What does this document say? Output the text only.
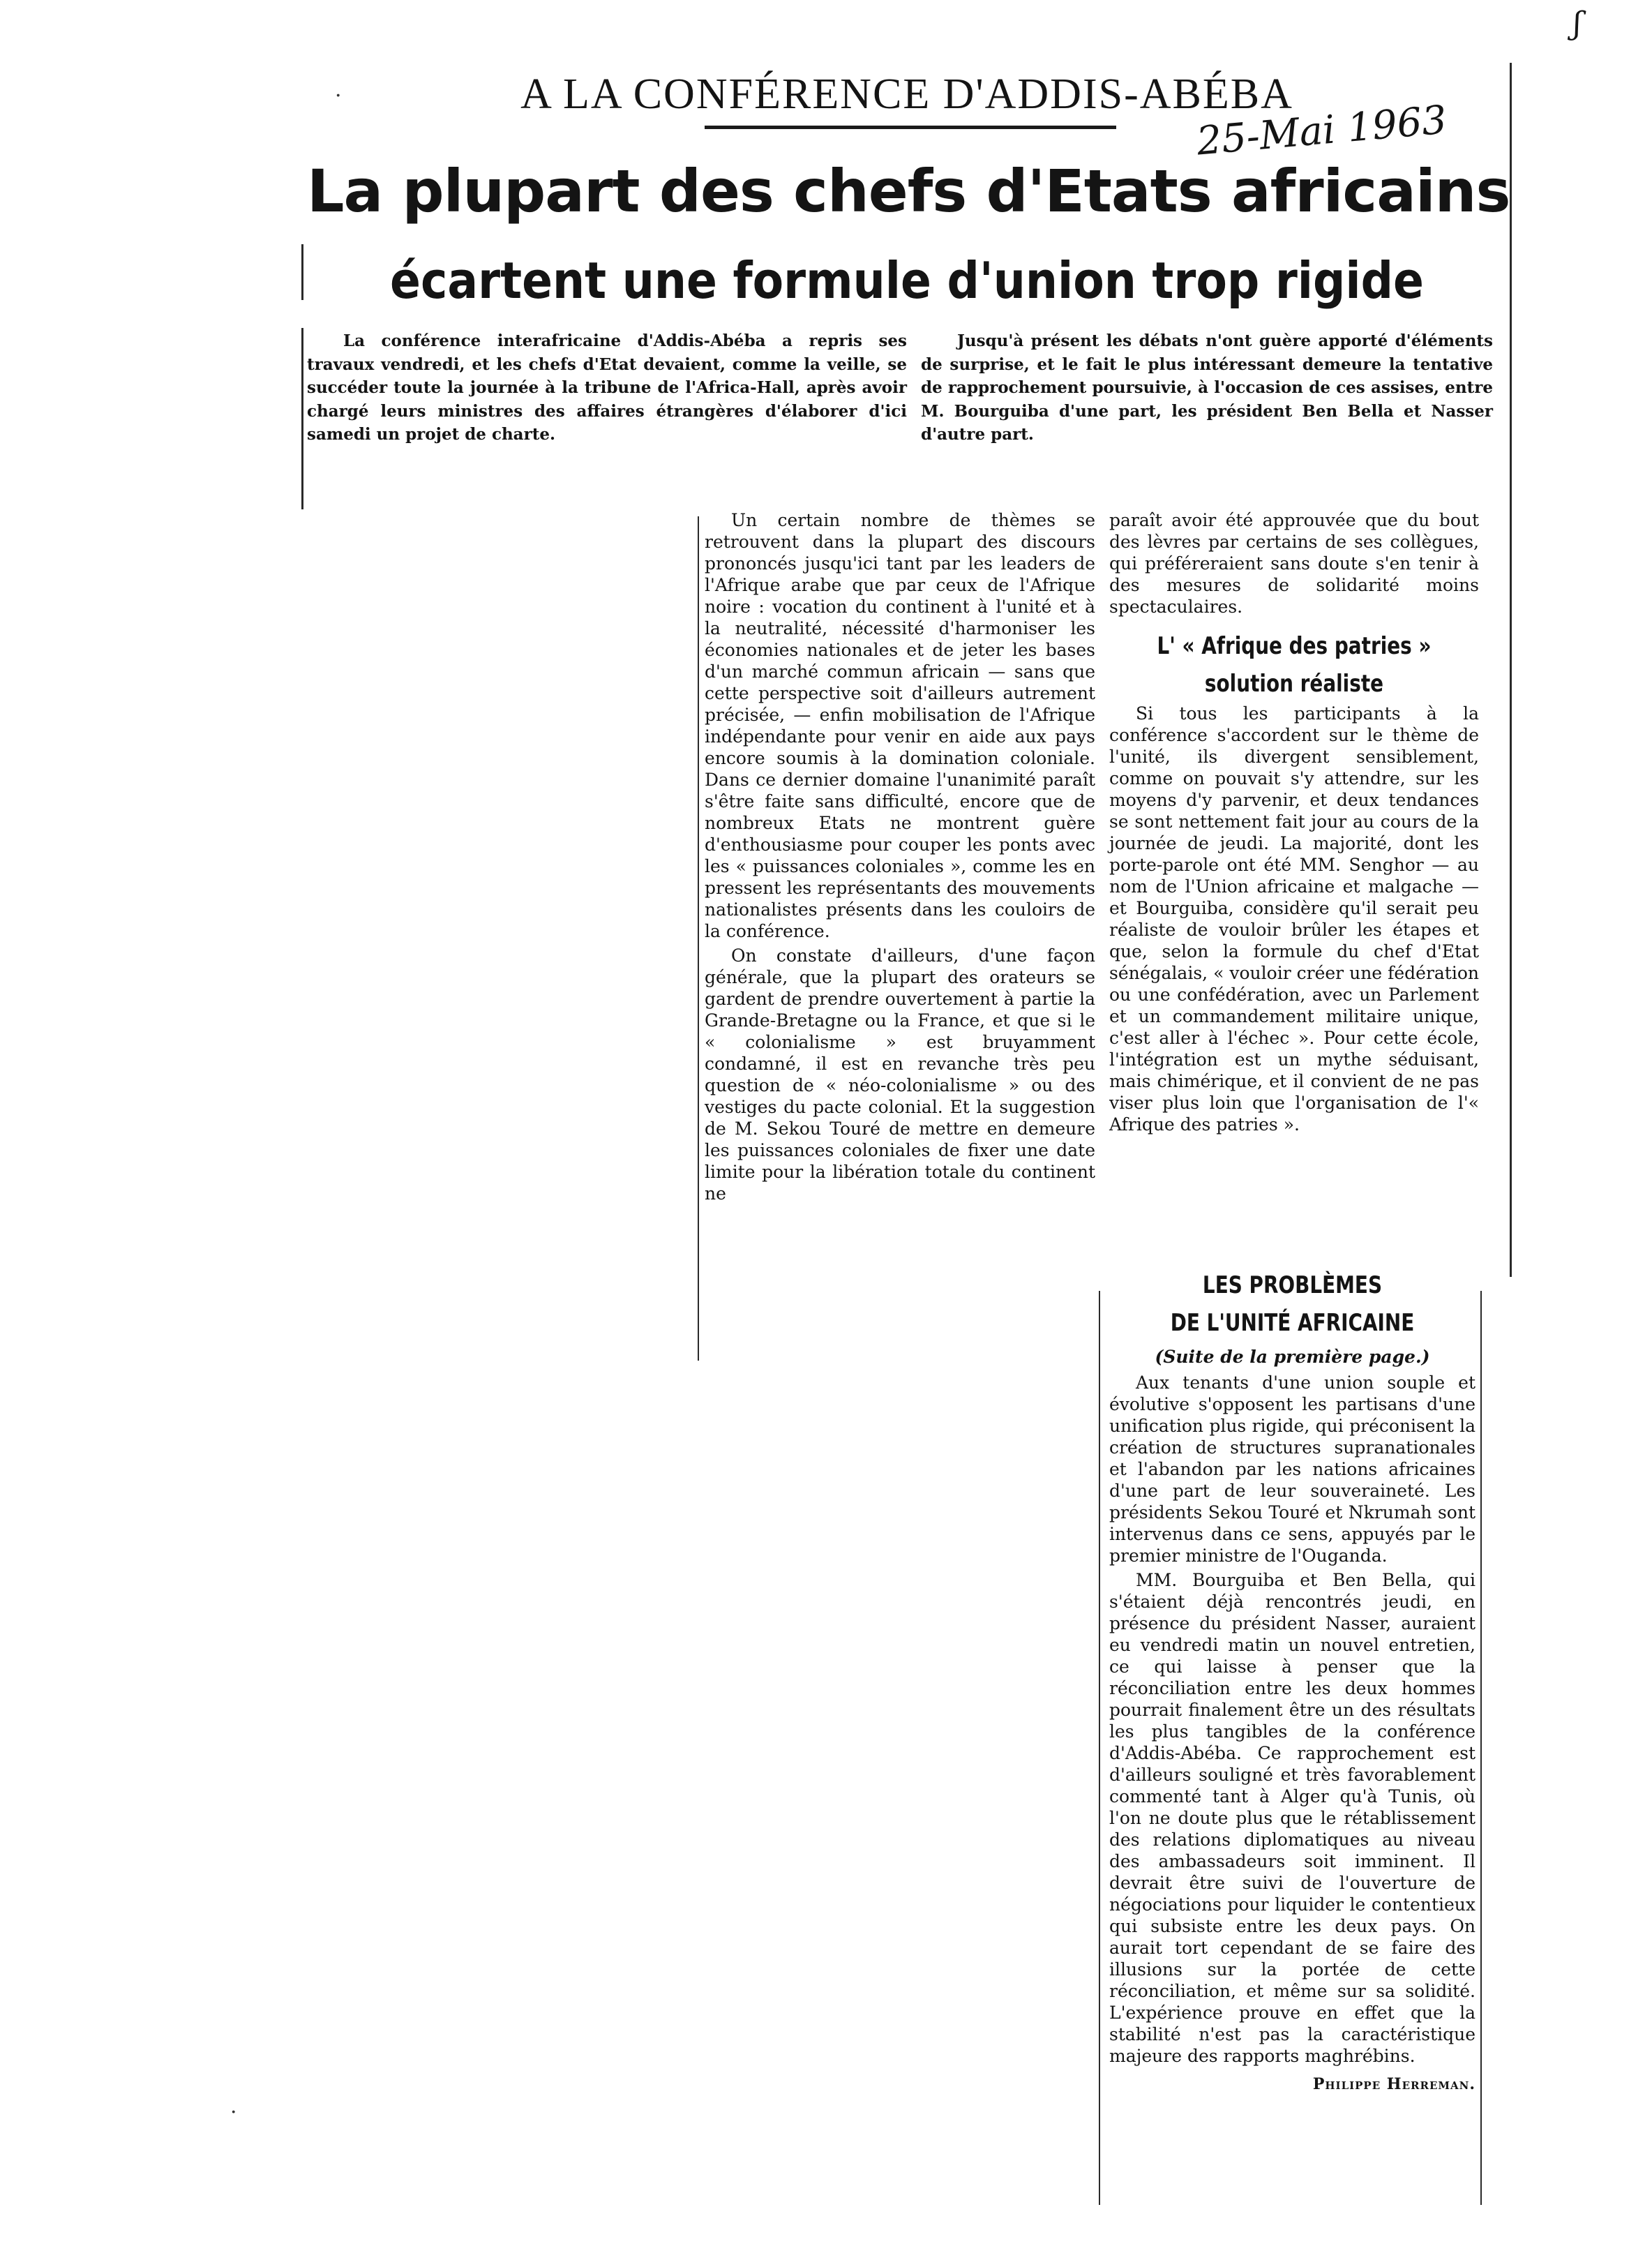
A LA CONFÉRENCE D'ADDIS-ABÉBA
25-Mai 1963
ʃ
La plupart des chefs d'Etats africains
écartent une formule d'union trop rigide
La conférence interafricaine d'Addis-Abéba a repris ses travaux vendredi, et les chefs d'Etat devaient, comme la veille, se succéder toute la journée à la tribune de l'Africa-Hall, après avoir chargé leurs ministres des affaires étrangères d'élaborer d'ici samedi un projet de charte.
Jusqu'à présent les débats n'ont guère apporté d'éléments de surprise, et le fait le plus intéressant demeure la tentative de rapprochement poursuivie, à l'occasion de ces assises, entre M. Bourguiba d'une part, les président Ben Bella et Nasser d'autre part.

Un certain nombre de thèmes se retrouvent dans la plupart des discours prononcés jusqu'ici tant par les leaders de l'Afrique arabe que par ceux de l'Afrique noire : vocation du continent à l'unité et à la neutralité, nécessité d'harmoniser les économies nationales et de jeter les bases d'un marché commun africain — sans que cette perspective soit d'ailleurs autrement précisée, — enfin mobilisation de l'Afrique indépendante pour venir en aide aux pays encore soumis à la domination coloniale. Dans ce dernier domaine l'unanimité paraît s'être faite sans difficulté, encore que de nombreux Etats ne montrent guère d'enthousiasme pour couper les ponts avec les « puissances coloniales », comme les en pressent les représentants des mouvements nationalistes présents dans les couloirs de la conférence.

On constate d'ailleurs, d'une façon générale, que la plupart des orateurs se gardent de prendre ouvertement à partie la Grande-Bretagne ou la France, et que si le « colonialisme » est bruyamment condamné, il est en revanche très peu question de « néo-colonialisme » ou des vestiges du pacte colonial. Et la suggestion de M. Sekou Touré de mettre en demeure les puissances coloniales de fixer une date limite pour la libération totale du continent ne

paraît avoir été approuvée que du bout des lèvres par certains de ses collègues, qui préféreraient sans doute s'en tenir à des mesures de solidarité moins spectaculaires.

L' « Afrique des patries »
solution réaliste

Si tous les participants à la conférence s'accordent sur le thème de l'unité, ils divergent sensiblement, comme on pouvait s'y attendre, sur les moyens d'y parvenir, et deux tendances se sont nettement fait jour au cours de la journée de jeudi. La majorité, dont les porte-parole ont été MM. Senghor — au nom de l'Union africaine et malgache — et Bourguiba, considère qu'il serait peu réaliste de vouloir brûler les étapes et que, selon la formule du chef d'Etat sénégalais, « vouloir créer une fédération ou une confédération, avec un Parlement et un commandement militaire unique, c'est aller à l'échec ». Pour cette école, l'intégration est un mythe séduisant, mais chimérique, et il convient de ne pas viser plus loin que l'organisation de l'« Afrique des patries ».

LES PROBLÈMES
DE L'UNITÉ AFRICAINE
(Suite de la première page.)

Aux tenants d'une union souple et évolutive s'opposent les partisans d'une unification plus rigide, qui préconisent la création de structures supranationales et l'abandon par les nations africaines d'une part de leur souveraineté. Les présidents Sekou Touré et Nkrumah sont intervenus dans ce sens, appuyés par le premier ministre de l'Ouganda.

MM. Bourguiba et Ben Bella, qui s'étaient déjà rencontrés jeudi, en présence du président Nasser, auraient eu vendredi matin un nouvel entretien, ce qui laisse à penser que la réconciliation entre les deux hommes pourrait finalement être un des résultats les plus tangibles de la conférence d'Addis-Abéba. Ce rapprochement est d'ailleurs souligné et très favorablement commenté tant à Alger qu'à Tunis, où l'on ne doute plus que le rétablissement des relations diplomatiques au niveau des ambassadeurs soit imminent. Il devrait être suivi de l'ouverture de négociations pour liquider le contentieux qui subsiste entre les deux pays. On aurait tort cependant de se faire des illusions sur la portée de cette réconciliation, et même sur sa solidité. L'expérience prouve en effet que la stabilité n'est pas la caractéristique majeure des rapports maghrébins.

Philippe Herreman.
·
·
